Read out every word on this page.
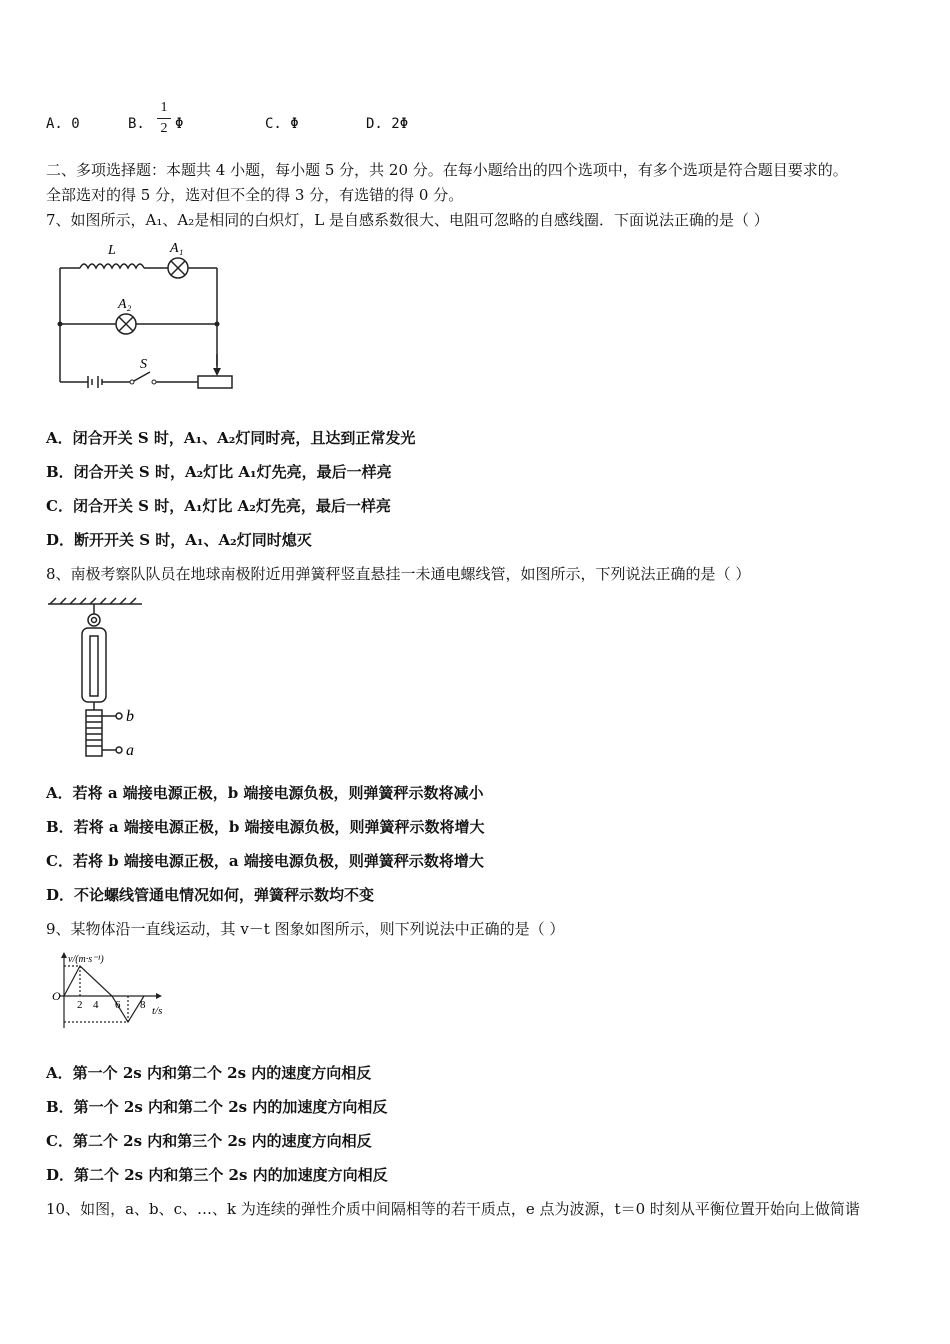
A. 0	B.
1
2 Φ	C. Φ	D. 2Φ
二、多项选择题：本题共 4 小题，每小题 5 分，共 20 分。在每小题给出的四个选项中，有多个选项是符合题目要求的。
全部选对的得 5 分，选对但不全的得 3 分，有选错的得 0 分。
7、如图所示，A₁、A₂是相同的白炽灯，L 是自感系数很大、电阻可忽略的自感线圈．下面说法正确的是（ ）
L	A₁
A₂
S
A．闭合开关 S 时，A₁、A₂灯同时亮，且达到正常发光
B．闭合开关 S 时，A₂灯比 A₁灯先亮，最后一样亮
C．闭合开关 S 时，A₁灯比 A₂灯先亮，最后一样亮
D．断开开关 S 时，A₁、A₂灯同时熄灭
8、南极考察队队员在地球南极附近用弹簧秤竖直悬挂一未通电螺线管，如图所示，下列说法正确的是（ ）
b
a
A．若将 a 端接电源正极，b 端接电源负极，则弹簧秤示数将减小
B．若将 a 端接电源正极，b 端接电源负极，则弹簧秤示数将增大
C．若将 b 端接电源正极，a 端接电源负极，则弹簧秤示数将增大
D．不论螺线管通电情况如何，弹簧秤示数均不变
9、某物体沿一直线运动，其 v－t 图象如图所示，则下列说法中正确的是（ ）
v/(m·s⁻¹)
O
2 4 6 8 t/s
A．第一个 2s 内和第二个 2s 内的速度方向相反
B．第一个 2s 内和第二个 2s 内的加速度方向相反
C．第二个 2s 内和第三个 2s 内的速度方向相反
D．第二个 2s 内和第三个 2s 内的加速度方向相反
10、如图，a、b、c、…、k 为连续的弹性介质中间隔相等的若干质点，e 点为波源，t＝0 时刻从平衡位置开始向上做简谐
